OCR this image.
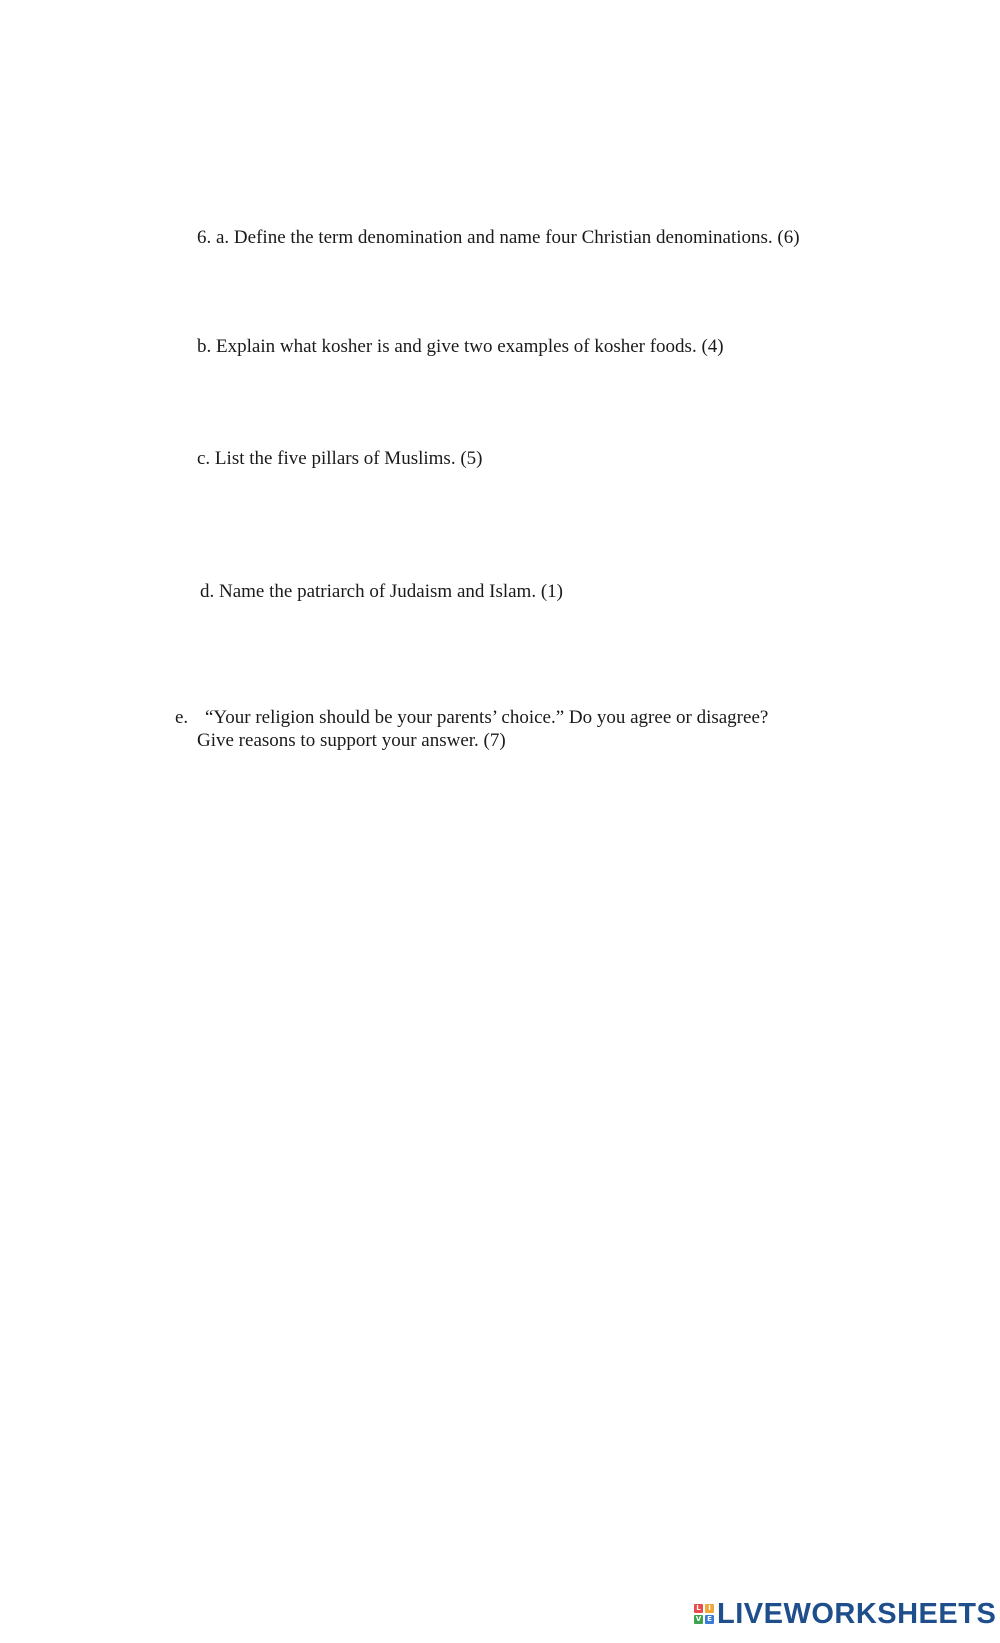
6. a. Define the term denomination and name four Christian denominations. (6)
b. Explain what kosher is and give two examples of kosher foods. (4)
c. List the five pillars of Muslims. (5)
d. Name the patriarch of Judaism and Islam. (1)
e. “Your religion should be your parents’ choice.” Do you agree or disagree?
Give reasons to support your answer. (7)
L	I
V E LIVEWORKSHEETS
